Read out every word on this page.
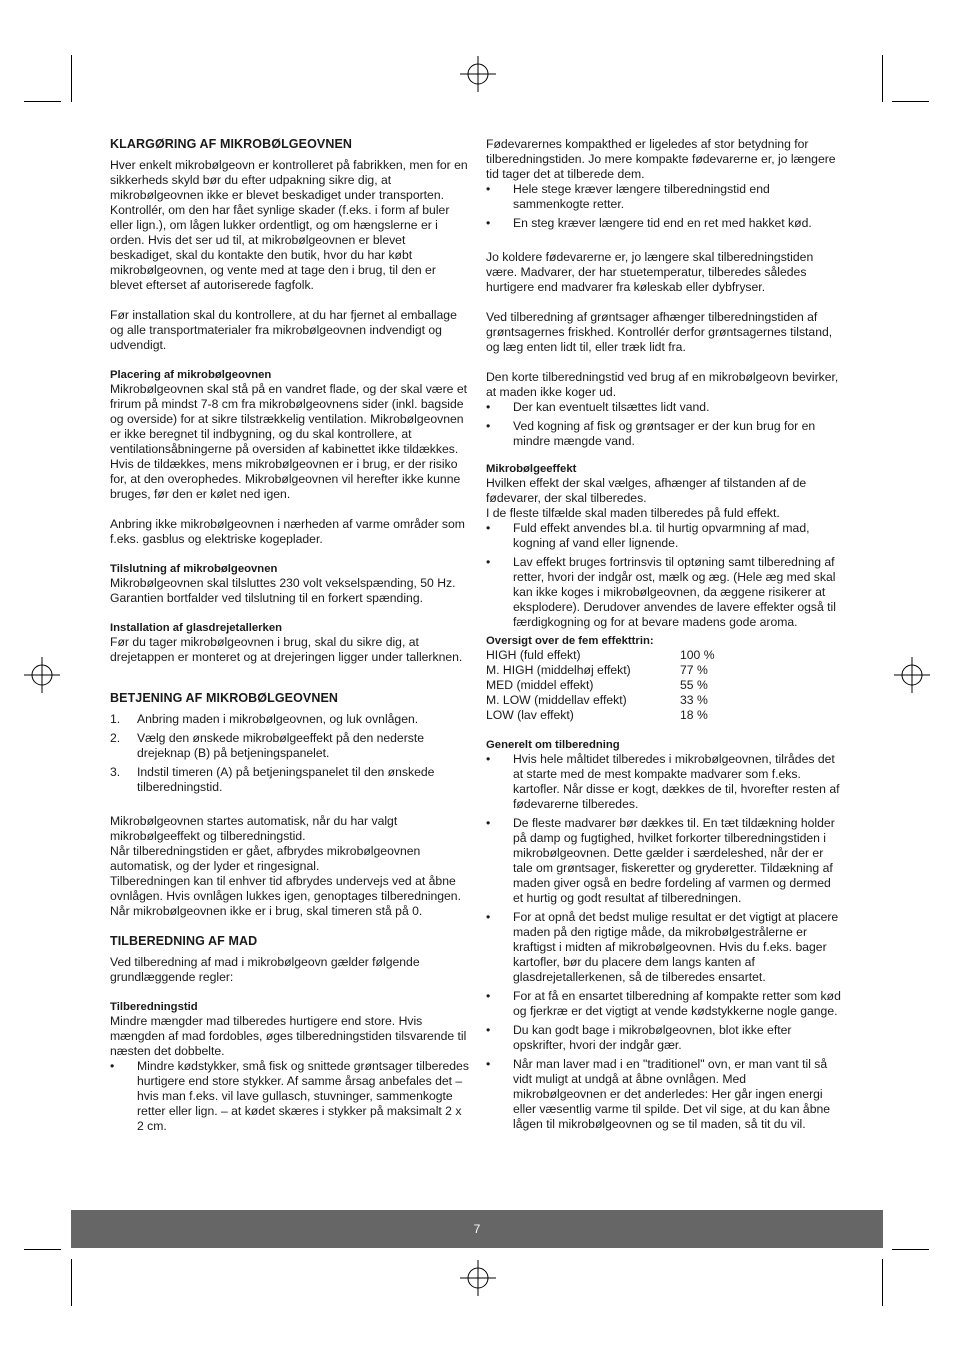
KLARGØRING AF MIKROBØLGEOVNEN

Hver enkelt mikrobølgeovn er kontrolleret på fabrikken, men for en sikkerheds skyld bør du efter udpakning sikre dig, at mikrobølgeovnen ikke er blevet beskadiget under transporten. Kontrollér, om den har fået synlige skader (f.eks. i form af buler eller lign.), om lågen lukker ordentligt, og om hængslerne er i orden. Hvis det ser ud til, at mikrobølgeovnen er blevet beskadiget, skal du kontakte den butik, hvor du har købt mikrobølgeovnen, og vente med at tage den i brug, til den er blevet efterset af autoriserede fagfolk.

Før installation skal du kontrollere, at du har fjernet al emballage og alle transportmaterialer fra mikrobølgeovnen indvendigt og udvendigt.

Placering af mikrobølgeovnen

Mikrobølgeovnen skal stå på en vandret flade, og der skal være et frirum på mindst 7-8 cm fra mikrobølgeovnens sider (inkl. bagside og overside) for at sikre tilstrækkelig ventilation. Mikrobølgeovnen er ikke beregnet til indbygning, og du skal kontrollere, at ventilationsåbningerne på oversiden af kabinettet ikke tildækkes. Hvis de tildækkes, mens mikrobølgeovnen er i brug, er der risiko for, at den overophedes. Mikrobølgeovnen vil herefter ikke kunne bruges, før den er kølet ned igen.

Anbring ikke mikrobølgeovnen i nærheden af varme områder som f.eks. gasblus og elektriske kogeplader.

Tilslutning af mikrobølgeovnen

Mikrobølgeovnen skal tilsluttes 230 volt vekselspænding, 50 Hz. Garantien bortfalder ved tilslutning til en forkert spænding.

Installation af glasdrejetallerken

Før du tager mikrobølgeovnen i brug, skal du sikre dig, at drejetappen er monteret og at drejeringen ligger under tallerknen.

BETJENING AF MIKROBØLGEOVNEN
1. Anbring maden i mikrobølgeovnen, og luk ovnlågen.
2. Vælg den ønskede mikrobølgeeffekt på den nederste drejeknap (B) på betjeningspanelet.
3. Indstil timeren (A) på betjeningspanelet til den ønskede tilberedningstid.

Mikrobølgeovnen startes automatisk, når du har valgt mikrobølgeeffekt og tilberedningstid.

Når tilberedningstiden er gået, afbrydes mikrobølgeovnen automatisk, og der lyder et ringesignal.

Tilberedningen kan til enhver tid afbrydes undervejs ved at åbne ovnlågen. Hvis ovnlågen lukkes igen, genoptages tilberedningen. Når mikrobølgeovnen ikke er i brug, skal timeren stå på 0.

TILBEREDNING AF MAD

Ved tilberedning af mad i mikrobølgeovn gælder følgende grundlæggende regler:

Tilberedningstid

Mindre mængder mad tilberedes hurtigere end store. Hvis mængden af mad fordobles, øges tilberedningstiden tilsvarende til næsten det dobbelte.

• Mindre kødstykker, små fisk og snittede grøntsager tilberedes hurtigere end store stykker. Af samme årsag anbefales det – hvis man f.eks. vil lave gullasch, stuvninger, sammenkogte retter eller lign. – at kødet skæres i stykker på maksimalt 2 x 2 cm.

Fødevarernes kompakthed er ligeledes af stor betydning for tilberedningstiden. Jo mere kompakte fødevarerne er, jo længere tid tager det at tilberede dem.

• Hele stege kræver længere tilberedningstid end sammenkogte retter.
• En steg kræver længere tid end en ret med hakket kød.

Jo koldere fødevarerne er, jo længere skal tilberedningstiden være. Madvarer, der har stuetemperatur, tilberedes således hurtigere end madvarer fra køleskab eller dybfryser.

Ved tilberedning af grøntsager afhænger tilberedningstiden af grøntsagernes friskhed. Kontrollér derfor grøntsagernes tilstand, og læg enten lidt til, eller træk lidt fra.

Den korte tilberedningstid ved brug af en mikrobølgeovn bevirker, at maden ikke koger ud.

• Der kan eventuelt tilsættes lidt vand.
• Ved kogning af fisk og grøntsager er der kun brug for en mindre mængde vand.
Mikrobølgeeffekt

Hvilken effekt der skal vælges, afhænger af tilstanden af de fødevarer, der skal tilberedes.

I de fleste tilfælde skal maden tilberedes på fuld effekt.

• Fuld effekt anvendes bl.a. til hurtig opvarmning af mad, kogning af vand eller lignende.
• Lav effekt bruges fortrinsvis til optøning samt tilberedning af retter, hvori der indgår ost, mælk og æg. (Hele æg med skal kan ikke koges i mikrobølgeovnen, da æggene risikerer at eksplodere). Derudover anvendes de lavere effekter også til færdigkogning og for at bevare madens gode aroma.
Oversigt over de fem effekttrin:
HIGH (fuld effekt)	100 %
M. HIGH (middelhøj effekt)	77 %
MED (middel effekt)	55 %
M. LOW (middellav effekt)	33 %
LOW (lav effekt)	18 %
Generelt om tilberedning
• Hvis hele måltidet tilberedes i mikrobølgeovnen, tilrådes det at starte med de mest kompakte madvarer som f.eks. kartofler. Når disse er kogt, dækkes de til, hvorefter resten af fødevarerne tilberedes.
• De fleste madvarer bør dækkes til. En tæt tildækning holder på damp og fugtighed, hvilket forkorter tilberedningstiden i mikrobølgeovnen. Dette gælder i særdeleshed, når der er tale om grøntsager, fiskeretter og gryderetter. Tildækning af maden giver også en bedre fordeling af varmen og dermed et hurtig og godt resultat af tilberedningen.
• For at opnå det bedst mulige resultat er det vigtigt at placere maden på den rigtige måde, da mikrobølgestrålerne er kraftigst i midten af mikrobølgeovnen. Hvis du f.eks. bager kartofler, bør du placere dem langs kanten af glasdrejetallerkenen, så de tilberedes ensartet.
• For at få en ensartet tilberedning af kompakte retter som kød og fjerkræ er det vigtigt at vende kødstykkerne nogle gange.
• Du kan godt bage i mikrobølgeovnen, blot ikke efter opskrifter, hvori der indgår gær.
• Når man laver mad i en "traditionel" ovn, er man vant til så vidt muligt at undgå at åbne ovnlågen. Med mikrobølgeovnen er det anderledes: Her går ingen energi eller væsentlig varme til spilde. Det vil sige, at du kan åbne lågen til mikrobølgeovnen og se til maden, så tit du vil.
7
